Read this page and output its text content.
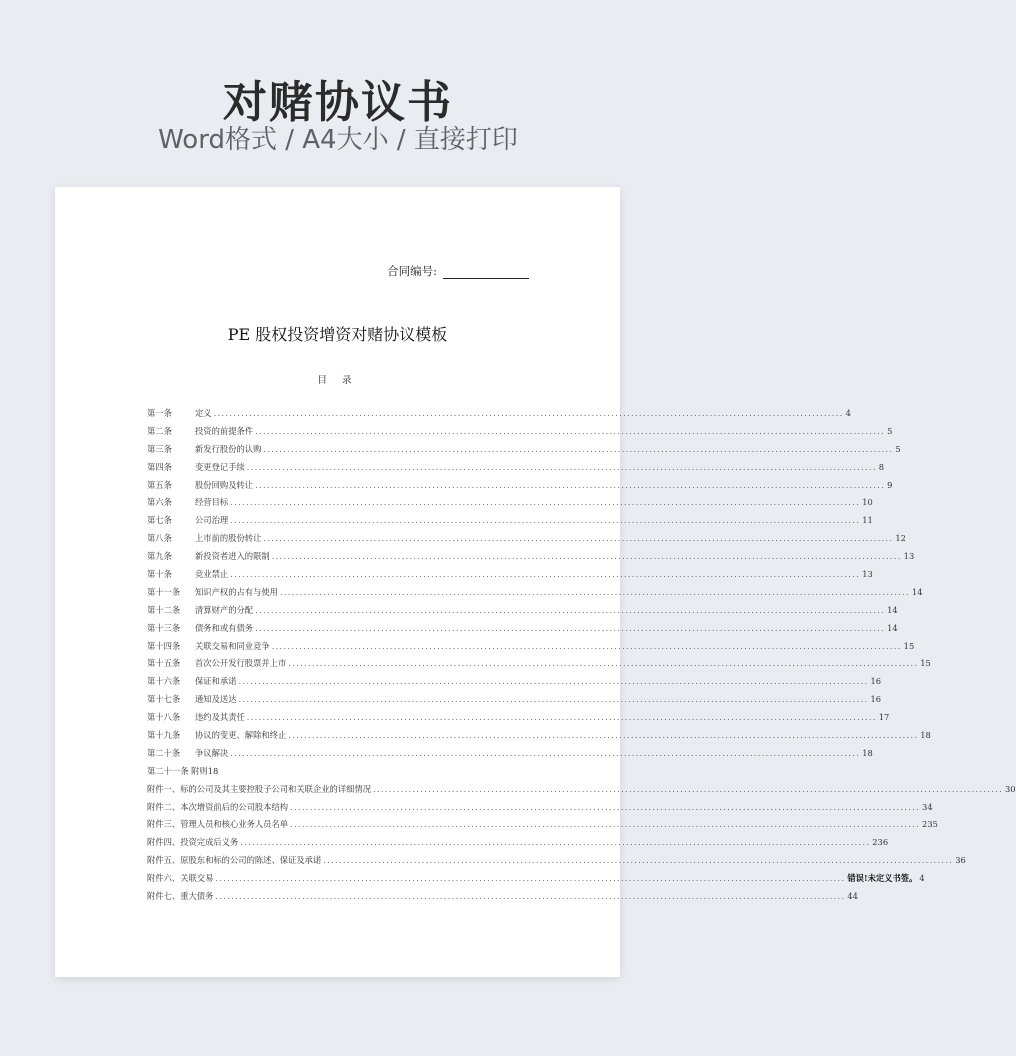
对赌协议书
Word格式 / A4大小 / 直接打印
合同编号:
PE 股权投资增资对赌协议模板
目 录
第一条	定义 ................................................................................................................................................................ 4
第二条	投资的前提条件 ................................................................................................................................................................ 5
第三条	新发行股份的认购 ................................................................................................................................................................ 5
第四条	变更登记手续 ................................................................................................................................................................ 8
第五条	股份回购及转让 ................................................................................................................................................................ 9
第六条	经营目标 ................................................................................................................................................................ 10
第七条	公司治理 ................................................................................................................................................................ 11
第八条	上市前的股份转让 ................................................................................................................................................................ 12
第九条	新投资者进入的限制 ................................................................................................................................................................ 13
第十条	竞业禁止 ................................................................................................................................................................ 13
第十一条	知识产权的占有与使用 ................................................................................................................................................................ 14
第十二条	清算财产的分配 ................................................................................................................................................................ 14
第十三条	债务和或有债务 ................................................................................................................................................................ 14
第十四条	关联交易和同业竞争 ................................................................................................................................................................ 15
第十五条	首次公开发行股票并上市 ................................................................................................................................................................ 15
第十六条	保证和承诺 ................................................................................................................................................................ 16
第十七条	通知及送达 ................................................................................................................................................................ 16
第十八条	违约及其责任 ................................................................................................................................................................ 17
第十九条	协议的变更、解除和终止 ................................................................................................................................................................ 18
第二十条	争议解决 ................................................................................................................................................................ 18
第二十一条 附则18
附件一、标的公司及其主要控股子公司和关联企业的详细情况 ................................................................................................................................................................ 30
附件二、本次增资前后的公司股本结构 ................................................................................................................................................................ 34
附件三、管理人员和核心业务人员名单 ................................................................................................................................................................ 235
附件四、投资完成后义务 ................................................................................................................................................................ 236
附件五、原股东和标的公司的陈述、保证及承诺 ................................................................................................................................................................ 36
附件六、关联交易 ................................................................................................................................................................ 错误!未定义书签。 4
附件七、重大债务 ................................................................................................................................................................ 44
